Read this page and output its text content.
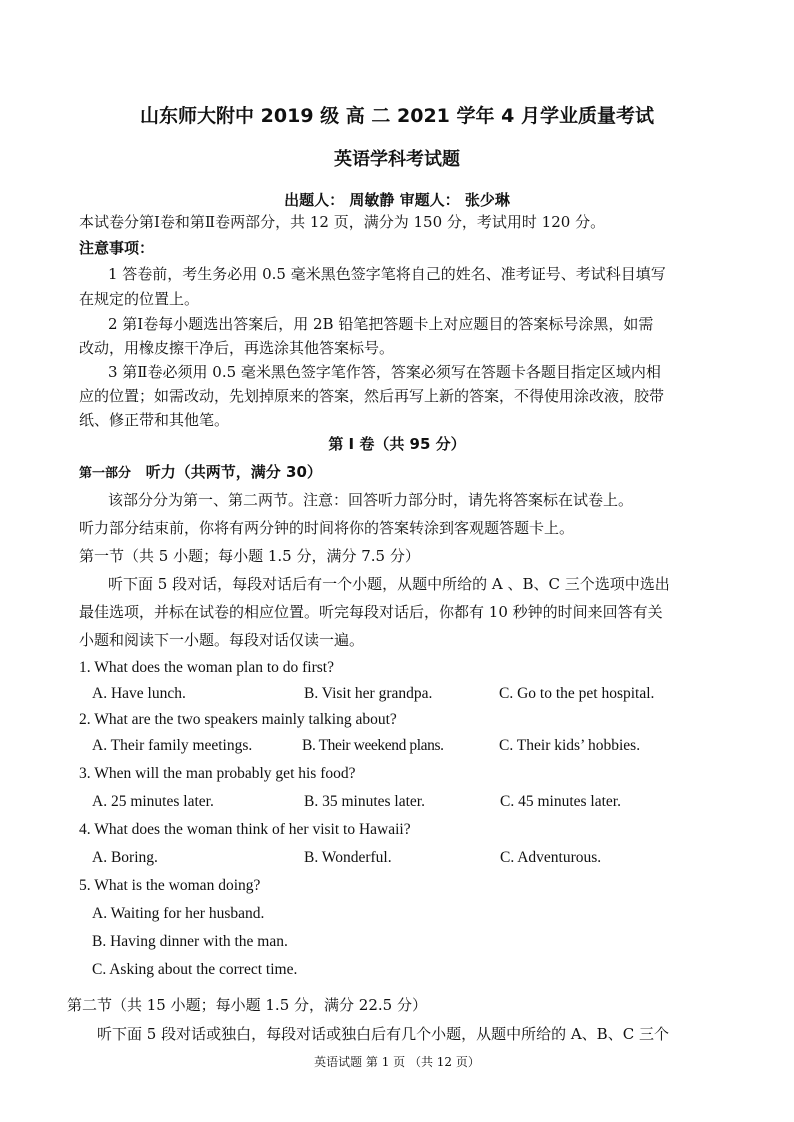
山东师大附中 2019 级 高 二 2021 学年 4 月学业质量考试
英语学科考试题
出题人： 周敏静 审题人： 张少琳
本试卷分第Ⅰ卷和第Ⅱ卷两部分，共 12 页，满分为 150 分，考试用时 120 分。
注意事项：
1 答卷前，考生务必用 0.5 毫米黑色签字笔将自己的姓名、准考证号、考试科目填写
在规定的位置上。
2 第Ⅰ卷每小题选出答案后，用 2B 铅笔把答题卡上对应题目的答案标号涂黑，如需
改动，用橡皮擦干净后，再选涂其他答案标号。
3 第Ⅱ卷必须用 0.5 毫米黑色签字笔作答，答案必须写在答题卡各题目指定区域内相
应的位置；如需改动，先划掉原来的答案，然后再写上新的答案，不得使用涂改液，胶带
纸、修正带和其他笔。
第 Ⅰ 卷（共 95 分）
第一部分 听力（共两节，满分 30）
该部分分为第一、第二两节。注意：回答听力部分时，请先将答案标在试卷上。
听力部分结束前，你将有两分钟的时间将你的答案转涂到客观题答题卡上。
第一节（共 5 小题；每小题 1.5 分，满分 7.5 分）
听下面 5 段对话，每段对话后有一个小题，从题中所给的 A 、B、C 三个选项中选出
最佳选项，并标在试卷的相应位置。听完每段对话后，你都有 10 秒钟的时间来回答有关
小题和阅读下一小题。每段对话仅读一遍。
1. What does the woman plan to do first?
A. Have lunch.	B. Visit her grandpa.	C. Go to the pet hospital.
2. What are the two speakers mainly talking about?
A. Their family meetings.	B. Their weekend plans.	C. Their kids’ hobbies.
3. When will the man probably get his food?
A. 25 minutes later.	B. 35 minutes later.	C. 45 minutes later.
4. What does the woman think of her visit to Hawaii?
A. Boring.	B. Wonderful.	C. Adventurous.
5. What is the woman doing?
A. Waiting for her husband.
B. Having dinner with the man.
C. Asking about the correct time.
第二节（共 15 小题；每小题 1.5 分，满分 22.5 分）
听下面 5 段对话或独白，每段对话或独白后有几个小题，从题中所给的 A、B、C 三个
英语试题 第 1 页 （共 12 页）
